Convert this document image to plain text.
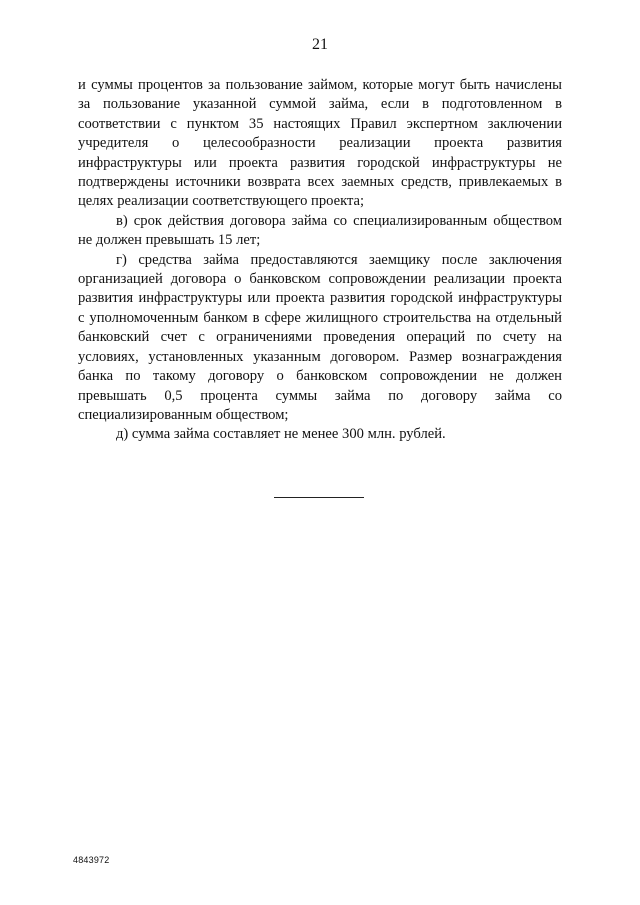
21

и суммы процентов за пользование займом, которые могут быть начислены за пользование указанной суммой займа, если в подготовленном в соответствии с пунктом 35 настоящих Правил экспертном заключении учредителя о целесообразности реализации проекта развития инфраструктуры или проекта развития городской инфраструктуры не подтверждены источники возврата всех заемных средств, привлекаемых в целях реализации соответствующего проекта;

в) срок действия договора займа со специализированным обществом не должен превышать 15 лет;

г) средства займа предоставляются заемщику после заключения организацией договора о банковском сопровождении реализации проекта развития инфраструктуры или проекта развития городской инфраструктуры с уполномоченным банком в сфере жилищного строительства на отдельный банковский счет с ограничениями проведения операций по счету на условиях, установленных указанным договором. Размер вознаграждения банка по такому договору о банковском сопровождении не должен превышать 0,5 процента суммы займа по договору займа со специализированным обществом;

д) сумма займа составляет не менее 300 млн. рублей.

4843972
